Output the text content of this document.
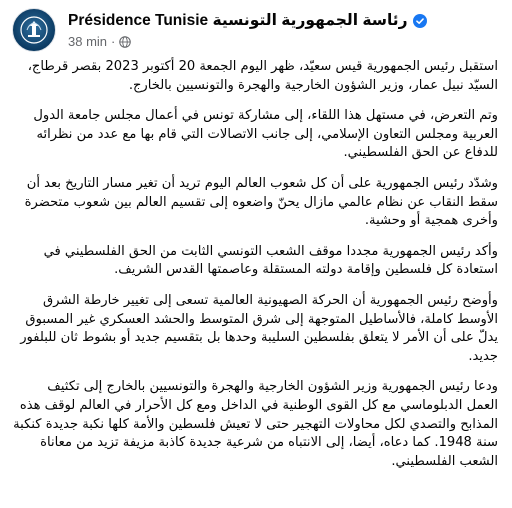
Présidence Tunisie رئاسة الجمهورية التونسية
38 min ·

استقبل رئيس الجمهورية قيس سعيّد، ظهر اليوم الجمعة 20 أكتوبر 2023 بقصر قرطاج، السيّد نبيل عمار، وزير الشؤون الخارجية والهجرة والتونسيين بالخارج.

وتم التعرض، في مستهل هذا اللقاء، إلى مشاركة تونس في أعمال مجلس جامعة الدول العربية ومجلس التعاون الإسلامي، إلى جانب الاتصالات التي قام بها مع عدد من نظرائه للدفاع عن الحق الفلسطيني.

وشدّد رئيس الجمهورية على أن كل شعوب العالم اليوم تريد أن تغير مسار التاريخ بعد أن سقط النقاب عن نظام عالمي مازال يحنّ واضعوه إلى تقسيم العالم بين شعوب متحضرة وأخرى همجية أو وحشية.

وأكد رئيس الجمهورية مجددا موقف الشعب التونسي الثابت من الحق الفلسطيني في استعادة كل فلسطين وإقامة دولته المستقلة وعاصمتها القدس الشريف.

وأوضح رئيس الجمهورية أن الحركة الصهيونية العالمية تسعى إلى تغيير خارطة الشرق الأوسط كاملة، فالأساطيل المتوجهة إلى شرق المتوسط والحشد العسكري غير المسبوق يدلّ على أن الأمر لا يتعلق بفلسطين السليبة وحدها بل بتقسيم جديد أو بشوط ثان للبلفور جديد.

ودعا رئيس الجمهورية وزير الشؤون الخارجية والهجرة والتونسيين بالخارج إلى تكثيف العمل الدبلوماسي مع كل القوى الوطنية في الداخل ومع كل الأحرار في العالم لوقف هذه المذابح والتصدي لكل محاولات التهجير حتى لا تعيش فلسطين والأمة كلها نكبة جديدة كنكبة سنة 1948. كما دعاه، أيضا، إلى الانتباه من شرعية جديدة كاذبة مزيفة تزيد من معاناة الشعب الفلسطيني.
